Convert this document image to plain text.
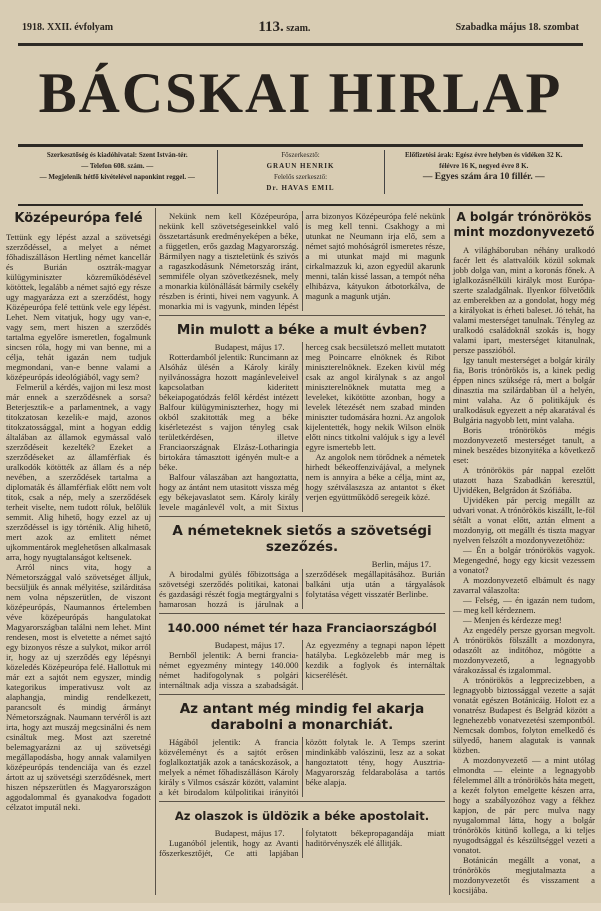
1918. XXII. évfolyam	113. szam.	Szabadka május 18. szombat
BÁCSKAI HIRLAP
Szerkesztőség és kiadóhivatal: Szent István-tér.
— Telefon 608. szám. —
— Megjelenik hétfő kivételével naponkint reggel. —
Főszerkesztő:
GRAUN HENRIK
Felelős szerkesztő:
Dr. HAVAS EMIL
Előfizetési árak: Egész évre helyben és vidéken 32 K.
félévre 16 K, negyed évre 8 K.
— Egyes szám ára 10 fillér. —
Középeurópa felé

Tettünk egy lépést azzal a szövetségi szerződéssel, a melyet a német főhadiszálláson Hertling német kancellár és Burián osztrák-magyar külügyminiszter közreműködésével kötöttek, legalább a német sajtó egy része ugy magyarázza ezt a szerződést, hogy Középeurópa felé tettünk vele egy lépést. Lehet. Nem vitatjuk, hogy ugy van-e, vagy sem, mert hiszen a szerződés tartalma egyelőre ismeretlen, fogalmunk sincsen róla, hogy mi van benne, mi a célja, tehát igazán nem tudjuk megmondani, van-e benne valami a középeurópás ideológiából, vagy sem?

Felmerül a kérdés, vajjon mi lesz most már ennek a szerződésnek a sorsa? Beterjesztik-e a parlamentnek, a vagy titokzatosan kezelik-e majd, azonos titokzatossággal, mint a hogyan eddig általában az államok egymással való szerződéseit kezelték? Ezeket a szerződéseket az államférfiak és uralkodók kötötték az állam és a nép nevében, a szerződések tartalma a diplomaták és államférfiak előtt nem volt titok, csak a nép, mely a szerződések terheit viselte, nem tudott róluk, belőlük semmit. Alig hihető, hogy ezzel az uj szerződéssel is igy történik. Alig hihető, mert azok az emlitett német ujkommentárok meglehetősen alkalmasak arra, hogy nyugtalanságot keltsenek.

Arról nincs vita, hogy a Németországgal való szövetséget álljuk, becsüljük és annak mélyitése, szilárditása nem volna népszerütlen, de viszont középeurópás, Naumannos értelemben véve középeurópás hangulatokat Magyarországban találni nem lehet. Mint rendesen, most is elvetette a német sajtó egy bizonyos része a sulykot, mikor arról ir, hogy az uj szerződés egy lépésnyi közeledés Középeurópa felé. Hallottuk mi már ezt a sajtót nem egyszer, mindig kategorikus imperativusz volt az alaphangja, mindig rendelkezett, parancsolt és mindig ármányt Németországnak. Naumann tervéről is azt irta, hogy azt muszáj megcsinálni és nem csináltuk meg. Most azt szeretné belemagyarázni az uj szövetségi megállapodásba, hogy annak valamilyen középeurópás tendenciája van és ezzel ártott az uj szövetségi szerződésnek, mert hiszen népszerütlen és Magyarországon aggodalommal és gyanakodva fogadott célzatot imputál neki.

Nekünk nem kell Középeurópa, nekünk kell szövetségeseinkkel való összetartásunk eredményeképen a béke, a független, erős gazdag Magyarország. Bármilyen nagy a tiszteletünk és szivós a ragaszkodásunk Németország iránt, semmiféle olyan szövetkezésnek, mely a monarkia különállását bármily csekély részben is érinti, hivei nem vagyunk. A monarkia mi is vagyunk, minden lépést arra bizonyos Középeurópa felé nekünk is meg kell tenni. Csakhogy a mi utunkat ne Neumann irja elő, sem a német sajtó mohóságról ismeretes része, a mi utunkat majd mi magunk cirkalmazzuk ki, azon egyedül akarunk menni, talán kissé lassan, a tempót néha elhibázva, kátyukon átbotorkálva, de magunk a magunk utján.

Min mulott a béke a mult évben?
Budapest, május 17.

Rotterdamból jelentik: Runcimann az Alsóház ülésén a Károly király nyilvánosságra hozott magánleveleivel kapcsolatban kideritett békeiapogatódzás felől kérdést intézett Balfour külügyminiszterhez, hogy mi okból szakitották meg a béke kisérletezést s vajjon tényleg csak területkérdésen, illetve Franciaországnak Elzász-Lotharingia birtokára támasztott igényén mult-e a béke.

Balfour válaszában azt hangoztatta, hogy az ántánt nem utasitott vissza még egy békejavaslatot sem. Károly király levele magánlevél volt, a mit Sixtus herceg csak becsületszó mellett mutatott meg Poincarre elnöknek és Ribot miniszterelnöknek. Ezeken kivül még csak az angol királynak s az angol miniszterelnöknek mutatta meg a leveleket, kikötötte azonban, hogy a levelek létezését nem szabad minden miniszter tudomására hozni. Az angolok kijelentették, hogy nekik Wilson elnök előtt nincs titkolni valójuk s igy a levél egyre ismertebb lett.

Az angolok nem törődnek a németek hirhedt békeoffenzivájával, a melynek nem is annyira a béke a célja, mint az, hogy szétválaszsza az antantot s éket verjen együttműködő seregeik közé.

A németeknek sietős a szövetségi
szezőzés.
Berlin, május 17.

A birodalmi gyülés főbizottsága a szövetségi szerződés politikai, katonai és gazdasági részét fogja megtárgyalni s hamarosan hozzá is járulnak a szerződések megállapitásához. Burián balkáni utja után a tárgyalások folytatása végett visszatér Berlinbe.

140.000 német tér haza Franciaországból
Budapest, május 17.

Bernből jelentik: A berni francia-német egyezmény mintegy 140.000 német hadifogolynak s polgári internáltnak adja vissza a szabadságát. Az egyezmény a tegnapi napon lépett hatályba. Legközelebb már meg is kezdik a foglyok és internáltak kicserélését.

Az antant még mindig fel akarja
darabolni a monarchiát.

Hágából jelentik: A francia közvéleményt és a sajtót erősen foglalkoztatják azok a tanácskozások, a melyek a német főhadiszálláson Károly király s Vilmos császár között, valamint a két birodalom külpolitikai irányitói között folytak le. A Temps szerint mindinkább valószinü, lesz az a sokat hangoztatott tény, hogy Ausztria-Magyarország feldarabolása a tartós béke alapja.

Az olaszok is üldözik a béke apostolait.
Budapest, május 17.

Luganóból jelentik, hogy az Avanti főszerkesztőjét, Ce atti lapjában folytatott békepropagandája miatt haditörvényszék elé állitják.

A bolgár trónörökös
mint mozdonyvezető

A világháboruban néhány uralkodó facér lett és alattvalóik közül sokmak jobb dolga van, mint a koronás főnek. A iglalkozásnélküli királyk most Európa-szerte szaladgálnak. Ilyenkor fölvetődik az emberekben az a gondolat, hogy még a királyokat is érheti baleset. Jó tehát, ha valami mesterséget tanulnak. Tényleg az uralkodó családoknál szokás is, hogy valami ipart, mesterséget kitanulnak, persze passzióból.

Igy tanult mesterséget a bolgár király fia, Boris trónörökös is, a kinek pedig éppen nincs szüksége rá, mert a bolgár dinasztia ma szilárdabban ül a helyén, mint valaha. Az ő politikájuk és uralkodásuk egyezett a nép akaratával és Bulgária nagyobb lett, mint valaha.

Boris trónörökös mégis mozdonyvezető mesterséget tanult, a minek beszédes bizonyitéka a következő eset:

A trónörökös pár nappal ezelőtt utazott haza Szabadkán keresztül, Ujvidéken, Belgrádon át Szófiába.

Ujvidéken pár percig megállt az udvari vonat. A trónörökös kiszállt, le-föl sétált a vonat előtt, aztán elment a mozdonyig, ott megállt és tiszta magyar nyelven felszólt a mozdonyvezetőhöz:

— Én a bolgár trónörökös vagyok. Megengedné, hogy egy kicsit vezessem a vonatot?

A mozdonyvezető elbámult és nagy zavarral válaszolta:

— Felség, — én igazán nem tudom, — meg kell kérdeznem.

— Menjen és kérdezze meg!

Az engedély persze gyorsan megvolt. A trónörökös fölszállt a mozdonyra, odaszólt az inditóhoz, mögötte a mozdonyvezető, a legnagyobb várakozással és izgalommal.

A trónörökös a legprecizebben, a legnagyobb biztossággal vezette a saját vonatát egészen Botánicáig. Holott ez a vonatrész Budapest és Belgrád között a legnehezebb vonatvezetési szempontból. Nemcsak dombos, folyton emelkedő és sülyedő, hanem alagutak is vannak közben.

A mozdonyvezető — a mint utólag elmondta — eleinte a legnagyobb félelemmel állt a trónörökös háta megett, a kezét folyton emelgette készen arra, hogy a szabályozóhoz vagy a fékhez kapjon, de pár perc mulva nagy nyugalommal látta, hogy a bolgár trónörökös kitünő kollega, a ki teljes nyugodtsággal és készültséggel vezeti a vonatot.

Botánicán megállt a vonat, a trónörökös megjutalmazta a mozdonyvezetőt és visszament a kocsijába.
